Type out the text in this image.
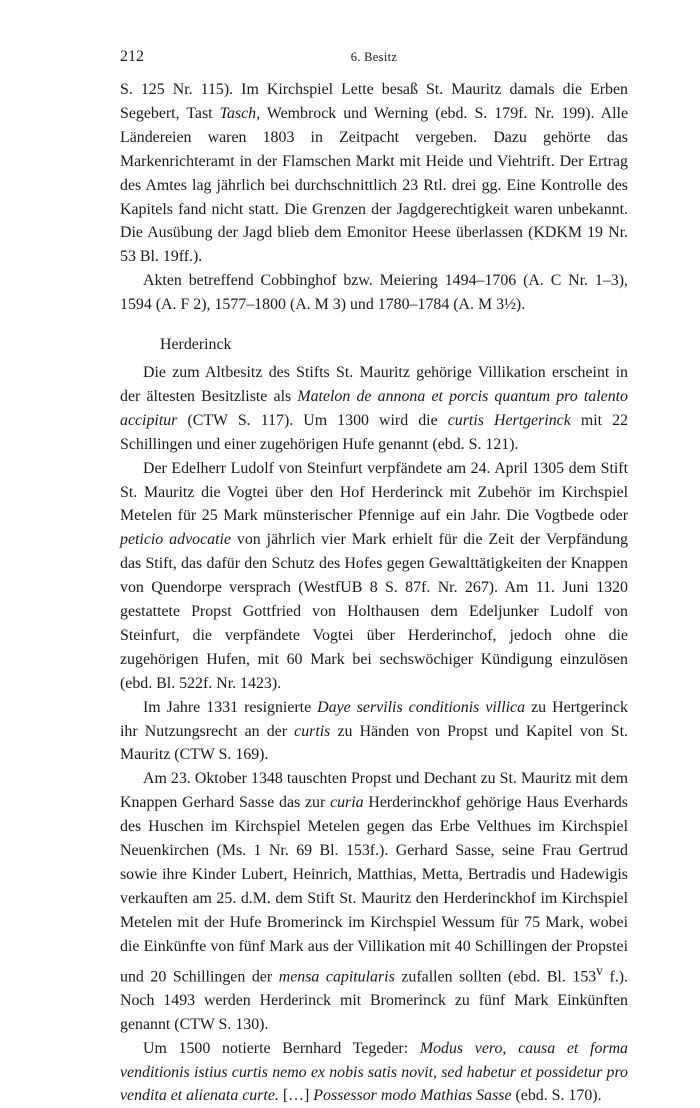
212	6. Besitz

S. 125 Nr. 115). Im Kirchspiel Lette besaß St. Mauritz damals die Erben Segebert, Tast Tasch, Wembrock und Werning (ebd. S. 179f. Nr. 199). Alle Ländereien waren 1803 in Zeitpacht vergeben. Dazu gehörte das Markenrichteramt in der Flamschen Markt mit Heide und Viehtrift. Der Ertrag des Amtes lag jährlich bei durchschnittlich 23 Rtl. drei gg. Eine Kontrolle des Kapitels fand nicht statt. Die Grenzen der Jagdgerechtigkeit waren unbekannt. Die Ausübung der Jagd blieb dem Emonitor Heese überlassen (KDKM 19 Nr. 53 Bl. 19ff.).

Akten betreffend Cobbinghof bzw. Meiering 1494–1706 (A. C Nr. 1–3), 1594 (A. F 2), 1577–1800 (A. M 3) und 1780–1784 (A. M 3½).

Herderinck

Die zum Altbesitz des Stifts St. Mauritz gehörige Villikation erscheint in der ältesten Besitzliste als Matelon de annona et porcis quantum pro talento accipitur (CTW S. 117). Um 1300 wird die curtis Hertgerinck mit 22 Schillingen und einer zugehörigen Hufe genannt (ebd. S. 121).

Der Edelherr Ludolf von Steinfurt verpfändete am 24. April 1305 dem Stift St. Mauritz die Vogtei über den Hof Herderinck mit Zubehör im Kirchspiel Metelen für 25 Mark münsterischer Pfennige auf ein Jahr. Die Vogtbede oder peticio advocatie von jährlich vier Mark erhielt für die Zeit der Verpfändung das Stift, das dafür den Schutz des Hofes gegen Gewalttätigkeiten der Knappen von Quendorpe versprach (WestfUB 8 S. 87f. Nr. 267). Am 11. Juni 1320 gestattete Propst Gottfried von Holthausen dem Edeljunker Ludolf von Steinfurt, die verpfändete Vogtei über Herderinchof, jedoch ohne die zugehörigen Hufen, mit 60 Mark bei sechswöchiger Kündigung einzulösen (ebd. Bl. 522f. Nr. 1423).

Im Jahre 1331 resignierte Daye servilis conditionis villica zu Hertgerinck ihr Nutzungsrecht an der curtis zu Händen von Propst und Kapitel von St. Mauritz (CTW S. 169).

Am 23. Oktober 1348 tauschten Propst und Dechant zu St. Mauritz mit dem Knappen Gerhard Sasse das zur curia Herderinckhof gehörige Haus Everhards des Huschen im Kirchspiel Metelen gegen das Erbe Velthues im Kirchspiel Neuenkirchen (Ms. 1 Nr. 69 Bl. 153f.). Gerhard Sasse, seine Frau Gertrud sowie ihre Kinder Lubert, Heinrich, Matthias, Metta, Bertradis und Hadewigis verkauften am 25. d.M. dem Stift St. Mauritz den Herderinckhof im Kirchspiel Metelen mit der Hufe Bromerinck im Kirchspiel Wessum für 75 Mark, wobei die Einkünfte von fünf Mark aus der Villikation mit 40 Schillingen der Propstei und 20 Schillingen der mensa capitularis zufallen sollten (ebd. Bl. 153$^v$ f.). Noch 1493 werden Herderinck mit Bromerinck zu fünf Mark Einkünften genannt (CTW S. 130).

Um 1500 notierte Bernhard Tegeder: Modus vero, causa et forma venditionis istius curtis nemo ex nobis satis novit, sed habetur et possidetur pro vendita et alienata curte. […] Possessor modo Mathias Sasse (ebd. S. 170).
